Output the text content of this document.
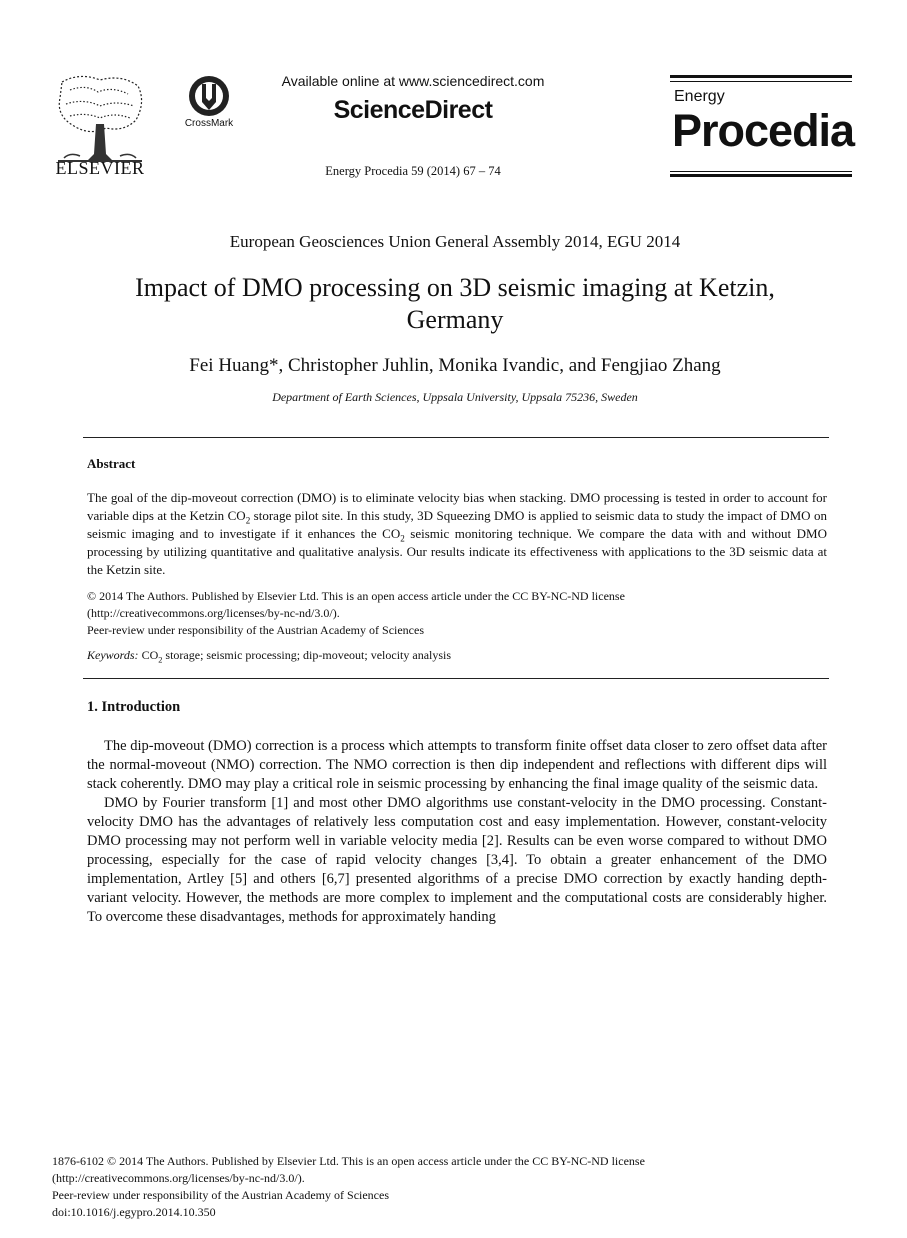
ELSEVIER
CrossMark
Available online at www.sciencedirect.com
ScienceDirect
Energy Procedia 59 (2014) 67 – 74
Energy
Procedia
European Geosciences Union General Assembly 2014, EGU 2014
Impact of DMO processing on 3D seismic imaging at Ketzin, Germany
Fei Huang*, Christopher Juhlin, Monika Ivandic, and Fengjiao Zhang
Department of Earth Sciences, Uppsala University, Uppsala 75236, Sweden
Abstract
The goal of the dip-moveout correction (DMO) is to eliminate velocity bias when stacking. DMO processing is tested in order to account for variable dips at the Ketzin $CO_2$ storage pilot site. In this study, 3D Squeezing DMO is applied to seismic data to study the impact of DMO on seismic imaging and to investigate if it enhances the $CO_2$ seismic monitoring technique. We compare the data with and without DMO processing by utilizing quantitative and qualitative analysis. Our results indicate its effectiveness with applications to the 3D seismic data at the Ketzin site.
© 2014 The Authors. Published by Elsevier Ltd. This is an open access article under the CC BY-NC-ND license
(http://creativecommons.org/licenses/by-nc-nd/3.0/).
Peer-review under responsibility of the Austrian Academy of Sciences
Keywords: $CO_2$ storage; seismic processing; dip-moveout; velocity analysis
1. Introduction

The dip-moveout (DMO) correction is a process which attempts to transform finite offset data closer to zero offset data after the normal-moveout (NMO) correction. The NMO correction is then dip independent and reflections with different dips will stack coherently. DMO may play a critical role in seismic processing by enhancing the final image quality of the seismic data.

DMO by Fourier transform [1] and most other DMO algorithms use constant-velocity in the DMO processing. Constant-velocity DMO has the advantages of relatively less computation cost and easy implementation. However, constant-velocity DMO processing may not perform well in variable velocity media [2]. Results can be even worse compared to without DMO processing, especially for the case of rapid velocity changes [3,4]. To obtain a greater enhancement of the DMO implementation, Artley [5] and others [6,7] presented algorithms of a precise DMO correction by exactly handing depth-variant velocity. However, the methods are more complex to implement and the computational costs are considerably higher. To overcome these disadvantages, methods for approximately handing

1876-6102 © 2014 The Authors. Published by Elsevier Ltd. This is an open access article under the CC BY-NC-ND license
(http://creativecommons.org/licenses/by-nc-nd/3.0/).
Peer-review under responsibility of the Austrian Academy of Sciences
doi:10.1016/j.egypro.2014.10.350
